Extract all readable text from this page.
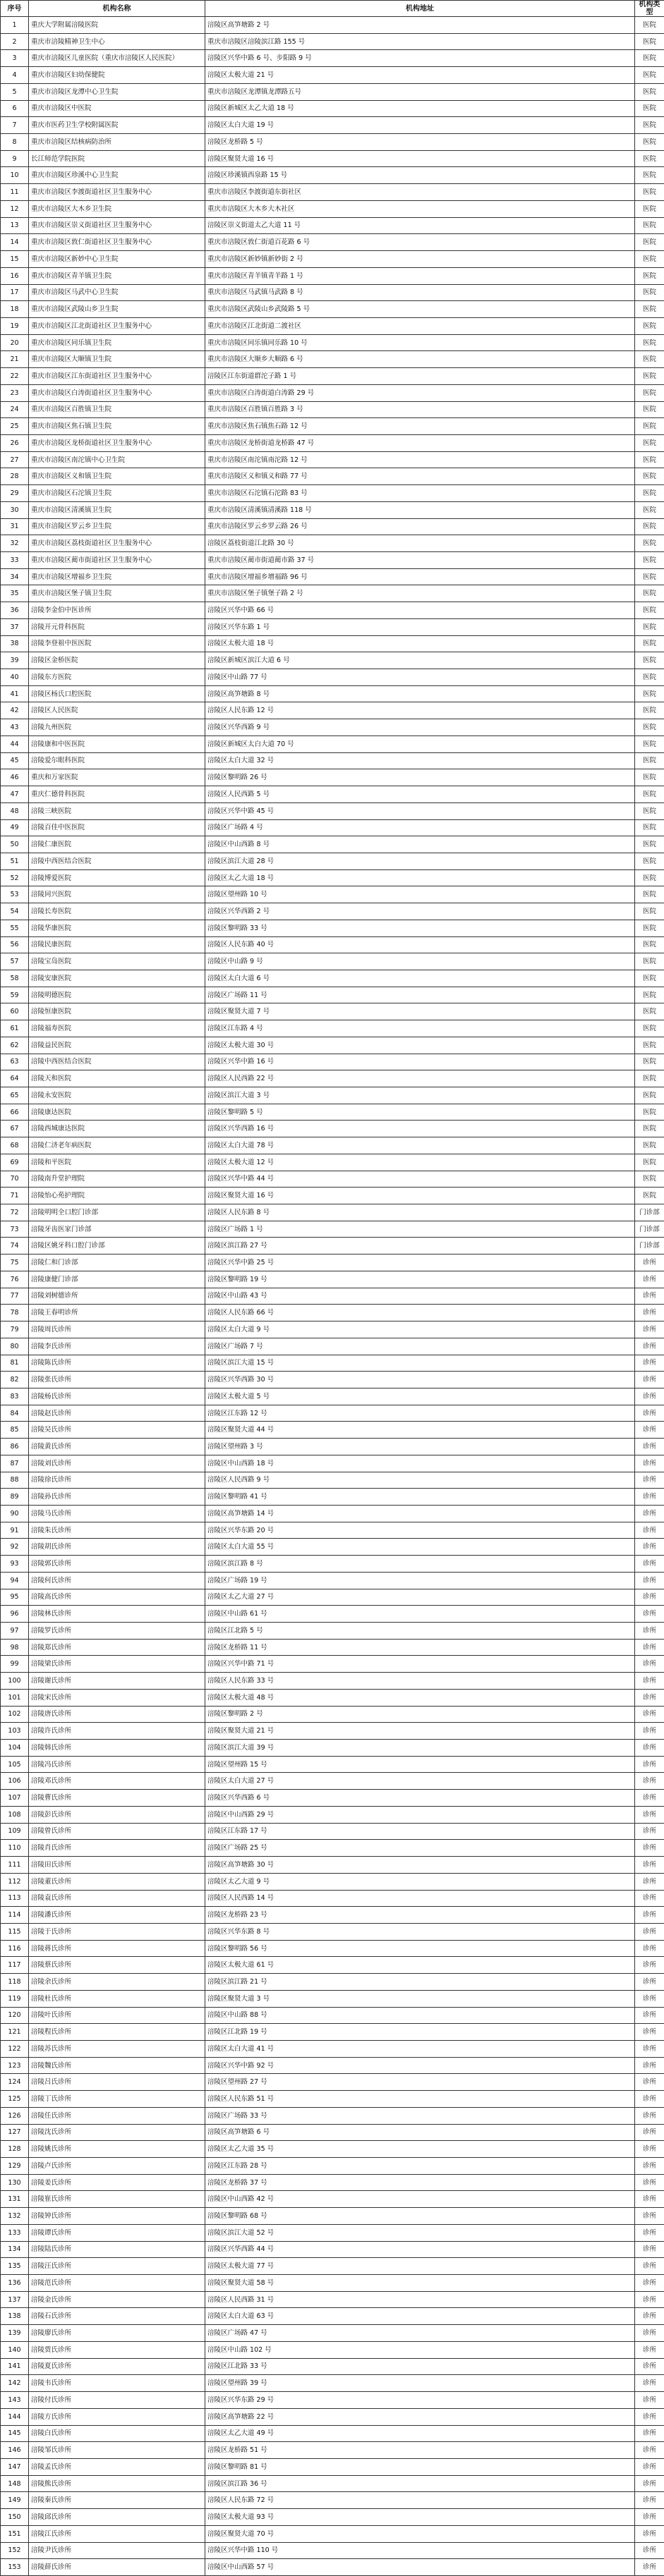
序号	机构名称	机构地址	机构类型
1	重庆大学附属涪陵医院	涪陵区高笋塘路 2 号	医院
2	重庆市涪陵精神卫生中心	重庆市涪陵区涪陵滨江路 155 号	医院
3	重庆市涪陵区儿童医院（重庆市涪陵区人民医院）	涪陵区兴华中路 6 号、步阳路 9 号	医院
4	重庆市涪陵区妇幼保健院	涪陵区太极大道 21 号	医院
5	重庆市涪陵区龙潭中心卫生院	重庆市涪陵区龙潭镇龙潭路五号	医院
6	重庆市涪陵区中医院	涪陵区新城区太乙大道 18 号	医院
7	重庆市医药卫生学校附属医院	涪陵区太白大道 19 号	医院
8	重庆市涪陵区结核病防治所	涪陵区龙桥路 5 号	医院
9	长江师范学院医院	涪陵区聚贤大道 16 号	医院
10	重庆市涪陵区珍溪中心卫生院	涪陵区珍溪镇西泉路 15 号	医院
11	重庆市涪陵区李渡街道社区卫生服务中心	重庆市涪陵区李渡街道东街社区	医院
12	重庆市涪陵区大木乡卫生院	重庆市涪陵区大木乡大木社区	医院
13	重庆市涪陵区崇义街道社区卫生服务中心	涪陵区崇义街道太乙大道 11 号	医院
14	重庆市涪陵区敦仁街道社区卫生服务中心	重庆市涪陵区敦仁街道百花路 6 号	医院
15	重庆市涪陵区新妙中心卫生院	重庆市涪陵区新妙镇新妙街 2 号	医院
16	重庆市涪陵区青羊镇卫生院	重庆市涪陵区青羊镇青羊路 1 号	医院
17	重庆市涪陵区马武中心卫生院	重庆市涪陵区马武镇马武路 8 号	医院
18	重庆市涪陵区武陵山乡卫生院	重庆市涪陵区武陵山乡武陵路 5 号	医院
19	重庆市涪陵区江北街道社区卫生服务中心	重庆市涪陵区江北街道二渡社区	医院
20	重庆市涪陵区同乐镇卫生院	重庆市涪陵区同乐镇同乐路 10 号	医院
21	重庆市涪陵区大顺镇卫生院	重庆市涪陵区大顺乡大顺路 6 号	医院
22	重庆市涪陵区江东街道社区卫生服务中心	涪陵区江东街道群沱子路 1 号	医院
23	重庆市涪陵区白涛街道社区卫生服务中心	重庆市涪陵区白涛街道白涛路 29 号	医院
24	重庆市涪陵区百胜镇卫生院	重庆市涪陵区百胜镇百胜路 3 号	医院
25	重庆市涪陵区焦石镇卫生院	重庆市涪陵区焦石镇焦石路 12 号	医院
26	重庆市涪陵区龙桥街道社区卫生服务中心	重庆市涪陵区龙桥街道龙桥路 47 号	医院
27	重庆市涪陵区南沱镇中心卫生院	重庆市涪陵区南沱镇南沱路 12 号	医院
28	重庆市涪陵区义和镇卫生院	重庆市涪陵区义和镇义和路 77 号	医院
29	重庆市涪陵区石沱镇卫生院	重庆市涪陵区石沱镇石沱路 83 号	医院
30	重庆市涪陵区清溪镇卫生院	重庆市涪陵区清溪镇清溪路 118 号	医院
31	重庆市涪陵区罗云乡卫生院	重庆市涪陵区罗云乡罗云路 26 号	医院
32	重庆市涪陵区荔枝街道社区卫生服务中心	涪陵区荔枝街道江北路 30 号	医院
33	重庆市涪陵区蔺市街道社区卫生服务中心	重庆市涪陵区蔺市街道蔺市路 37 号	医院
34	重庆市涪陵区增福乡卫生院	重庆市涪陵区增福乡增福路 96 号	医院
35	重庆市涪陵区堡子镇卫生院	重庆市涪陵区堡子镇堡子路 2 号	医院
36	涪陵李金伯中医诊所	涪陵区兴华中路 66 号	医院
37	涪陵开元骨科医院	涪陵区兴华东路 1 号	医院
38	涪陵李登祖中医医院	涪陵区太极大道 18 号	医院
39	涪陵区金桥医院	涪陵区新城区滨江大道 6 号	医院
40	涪陵东方医院	涪陵区中山路 77 号	医院
41	涪陵区杨氏口腔医院	涪陵区高笋塘路 8 号	医院
42	涪陵区人民医院	涪陵区人民东路 12 号	医院
43	涪陵九州医院	涪陵区兴华西路 9 号	医院
44	涪陵康和中医医院	涪陵区新城区太白大道 70 号	医院
45	涪陵爱尔眼科医院	涪陵区太白大道 32 号	医院
46	重庆和万家医院	涪陵区黎明路 26 号	医院
47	重庆仁德骨科医院	涪陵区人民西路 5 号	医院
48	涪陵三峡医院	涪陵区兴华中路 45 号	医院
49	涪陵百佳中医医院	涪陵区广场路 4 号	医院
50	涪陵仁康医院	涪陵区中山西路 8 号	医院
51	涪陵中西医结合医院	涪陵区滨江大道 28 号	医院
52	涪陵博爱医院	涪陵区太乙大道 18 号	医院
53	涪陵同兴医院	涪陵区望州路 10 号	医院
54	涪陵长寿医院	涪陵区兴华西路 2 号	医院
55	涪陵华康医院	涪陵区黎明路 33 号	医院
56	涪陵民康医院	涪陵区人民东路 40 号	医院
57	涪陵宝岛医院	涪陵区中山路 9 号	医院
58	涪陵安康医院	涪陵区太白大道 6 号	医院
59	涪陵明德医院	涪陵区广场路 11 号	医院
60	涪陵恒康医院	涪陵区聚贤大道 7 号	医院
61	涪陵福寿医院	涪陵区江东路 4 号	医院
62	涪陵益民医院	涪陵区太极大道 30 号	医院
63	涪陵中西医结合医院	涪陵区兴华中路 16 号	医院
64	涪陵天和医院	涪陵区人民西路 22 号	医院
65	涪陵永安医院	涪陵区滨江大道 3 号	医院
66	涪陵康达医院	涪陵区黎明路 5 号	医院
67	涪陵西城康达医院	涪陵区兴华西路 16 号	医院
68	涪陵仁济老年病医院	涪陵区太白大道 78 号	医院
69	涪陵和平医院	涪陵区太极大道 12 号	医院
70	涪陵南升堂护理院	涪陵区兴华中路 44 号	医院
71	涪陵怡心苑护理院	涪陵区聚贤大道 16 号	医院
72	涪陵明明全口腔门诊部	涪陵区人民东路 8 号	门诊部
73	涪陵牙齿医家门诊部	涪陵区广场路 1 号	门诊部
74	涪陵区姚牙科口腔门诊部	涪陵区滨江路 27 号	门诊部
75	涪陵仁和门诊部	涪陵区兴华中路 25 号	诊所
76	涪陵康健门诊部	涪陵区黎明路 19 号	诊所
77	涪陵刘树德诊所	涪陵区中山路 43 号	诊所
78	涪陵王春明诊所	涪陵区人民东路 66 号	诊所
79	涪陵周氏诊所	涪陵区太白大道 9 号	诊所
80	涪陵李氏诊所	涪陵区广场路 7 号	诊所
81	涪陵陈氏诊所	涪陵区滨江大道 15 号	诊所
82	涪陵张氏诊所	涪陵区兴华西路 30 号	诊所
83	涪陵杨氏诊所	涪陵区太极大道 5 号	诊所
84	涪陵赵氏诊所	涪陵区江东路 12 号	诊所
85	涪陵吴氏诊所	涪陵区聚贤大道 44 号	诊所
86	涪陵黄氏诊所	涪陵区望州路 3 号	诊所
87	涪陵刘氏诊所	涪陵区中山西路 18 号	诊所
88	涪陵徐氏诊所	涪陵区人民西路 9 号	诊所
89	涪陵孙氏诊所	涪陵区黎明路 41 号	诊所
90	涪陵马氏诊所	涪陵区高笋塘路 14 号	诊所
91	涪陵朱氏诊所	涪陵区兴华东路 20 号	诊所
92	涪陵胡氏诊所	涪陵区太白大道 55 号	诊所
93	涪陵郭氏诊所	涪陵区滨江路 8 号	诊所
94	涪陵何氏诊所	涪陵区广场路 19 号	诊所
95	涪陵高氏诊所	涪陵区太乙大道 27 号	诊所
96	涪陵林氏诊所	涪陵区中山路 61 号	诊所
97	涪陵罗氏诊所	涪陵区江北路 5 号	诊所
98	涪陵郑氏诊所	涪陵区龙桥路 11 号	诊所
99	涪陵梁氏诊所	涪陵区兴华中路 71 号	诊所
100	涪陵谢氏诊所	涪陵区人民东路 33 号	诊所
101	涪陵宋氏诊所	涪陵区太极大道 48 号	诊所
102	涪陵唐氏诊所	涪陵区黎明路 2 号	诊所
103	涪陵许氏诊所	涪陵区聚贤大道 21 号	诊所
104	涪陵韩氏诊所	涪陵区滨江大道 39 号	诊所
105	涪陵冯氏诊所	涪陵区望州路 15 号	诊所
106	涪陵邓氏诊所	涪陵区太白大道 27 号	诊所
107	涪陵曹氏诊所	涪陵区兴华西路 6 号	诊所
108	涪陵彭氏诊所	涪陵区中山西路 29 号	诊所
109	涪陵曾氏诊所	涪陵区江东路 17 号	诊所
110	涪陵肖氏诊所	涪陵区广场路 25 号	诊所
111	涪陵田氏诊所	涪陵区高笋塘路 30 号	诊所
112	涪陵董氏诊所	涪陵区太乙大道 9 号	诊所
113	涪陵袁氏诊所	涪陵区人民西路 14 号	诊所
114	涪陵潘氏诊所	涪陵区龙桥路 23 号	诊所
115	涪陵于氏诊所	涪陵区兴华东路 8 号	诊所
116	涪陵蒋氏诊所	涪陵区黎明路 56 号	诊所
117	涪陵蔡氏诊所	涪陵区太极大道 61 号	诊所
118	涪陵余氏诊所	涪陵区滨江路 21 号	诊所
119	涪陵杜氏诊所	涪陵区聚贤大道 3 号	诊所
120	涪陵叶氏诊所	涪陵区中山路 88 号	诊所
121	涪陵程氏诊所	涪陵区江北路 19 号	诊所
122	涪陵苏氏诊所	涪陵区太白大道 41 号	诊所
123	涪陵魏氏诊所	涪陵区兴华中路 92 号	诊所
124	涪陵吕氏诊所	涪陵区望州路 27 号	诊所
125	涪陵丁氏诊所	涪陵区人民东路 51 号	诊所
126	涪陵任氏诊所	涪陵区广场路 33 号	诊所
127	涪陵沈氏诊所	涪陵区高笋塘路 6 号	诊所
128	涪陵姚氏诊所	涪陵区太乙大道 35 号	诊所
129	涪陵卢氏诊所	涪陵区江东路 28 号	诊所
130	涪陵姜氏诊所	涪陵区龙桥路 37 号	诊所
131	涪陵崔氏诊所	涪陵区中山西路 42 号	诊所
132	涪陵钟氏诊所	涪陵区黎明路 68 号	诊所
133	涪陵谭氏诊所	涪陵区滨江大道 52 号	诊所
134	涪陵陆氏诊所	涪陵区兴华西路 44 号	诊所
135	涪陵汪氏诊所	涪陵区太极大道 77 号	诊所
136	涪陵范氏诊所	涪陵区聚贤大道 58 号	诊所
137	涪陵金氏诊所	涪陵区人民西路 31 号	诊所
138	涪陵石氏诊所	涪陵区太白大道 63 号	诊所
139	涪陵廖氏诊所	涪陵区广场路 47 号	诊所
140	涪陵贾氏诊所	涪陵区中山路 102 号	诊所
141	涪陵夏氏诊所	涪陵区江北路 33 号	诊所
142	涪陵韦氏诊所	涪陵区望州路 39 号	诊所
143	涪陵付氏诊所	涪陵区兴华东路 29 号	诊所
144	涪陵方氏诊所	涪陵区高笋塘路 22 号	诊所
145	涪陵白氏诊所	涪陵区太乙大道 49 号	诊所
146	涪陵邹氏诊所	涪陵区龙桥路 51 号	诊所
147	涪陵孟氏诊所	涪陵区黎明路 81 号	诊所
148	涪陵熊氏诊所	涪陵区滨江路 36 号	诊所
149	涪陵秦氏诊所	涪陵区人民东路 72 号	诊所
150	涪陵邱氏诊所	涪陵区太极大道 93 号	诊所
151	涪陵江氏诊所	涪陵区聚贤大道 70 号	诊所
152	涪陵尹氏诊所	涪陵区兴华中路 110 号	诊所
153	涪陵薛氏诊所	涪陵区中山西路 57 号	诊所
